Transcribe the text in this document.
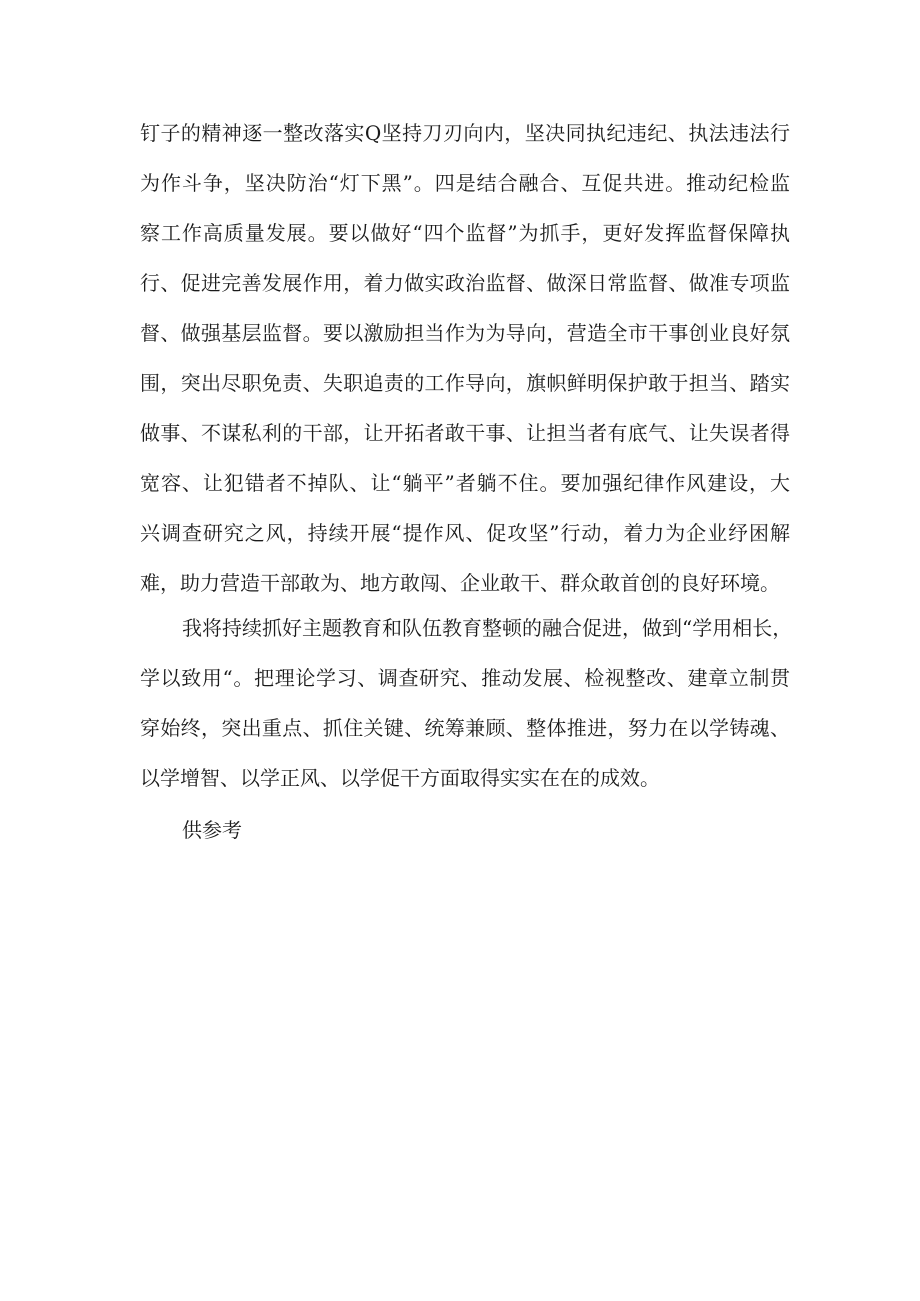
钉子的精神逐一整改落实Q坚持刀刃向内，坚决同执纪违纪、执法违法行
为作斗争，坚决防治“灯下黑”。四是结合融合、互促共进。推动纪检监
察工作高质量发展。要以做好“四个监督”为抓手，更好发挥监督保障执
行、促进完善发展作用，着力做实政治监督、做深日常监督、做准专项监
督、做强基层监督。要以激励担当作为为导向，营造全市干事创业良好氛
围，突出尽职免责、失职追责的工作导向，旗帜鲜明保护敢于担当、踏实
做事、不谋私利的干部，让开拓者敢干事、让担当者有底气、让失误者得
宽容、让犯错者不掉队、让“躺平”者躺不住。要加强纪律作风建设，大
兴调查研究之风，持续开展“提作风、促攻坚”行动，着力为企业纾困解
难，助力营造干部敢为、地方敢闯、企业敢干、群众敢首创的良好环境。
我将持续抓好主题教育和队伍教育整顿的融合促进，做到“学用相长，
学以致用“。把理论学习、调查研究、推动发展、检视整改、建章立制贯
穿始终，突出重点、抓住关键、统筹兼顾、整体推进，努力在以学铸魂、
以学增智、以学正风、以学促干方面取得实实在在的成效。
供参考
